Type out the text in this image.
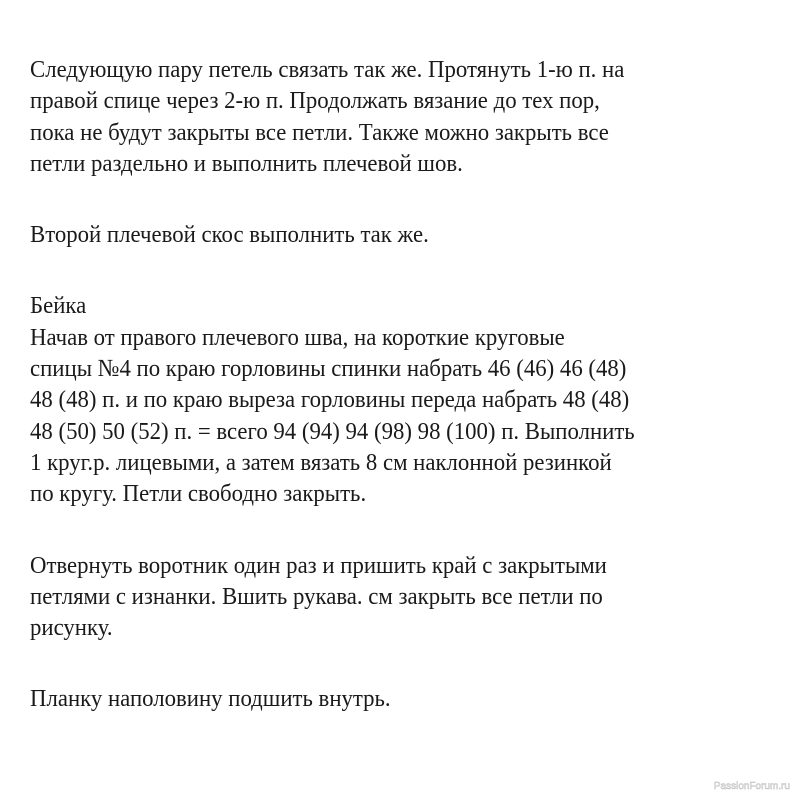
Следующую пару петель связать так же. Протянуть 1-ю п. на
правой спице через 2-ю п. Продолжать вязание до тех пор,
пока не будут закрыты все петли. Также можно закрыть все
петли раздельно и выполнить плечевой шов.
Второй плечевой скос выполнить так же.
Бейка
Начав от правого плечевого шва, на короткие круговые
спицы №4 по краю горловины спинки набрать 46 (46) 46 (48)
48 (48) п. и по краю выреза горловины переда набрать 48 (48)
48 (50) 50 (52) п. = всего 94 (94) 94 (98) 98 (100) п. Выполнить
1 круг.р. лицевыми, а затем вязать 8 см наклонной резинкой
по кругу. Петли свободно закрыть.
Отвернуть воротник один раз и пришить край с закрытыми
петлями с изнанки. Вшить рукава. см закрыть все петли по
рисунку.
Планку наполовину подшить внутрь.
PassionForum.ru
